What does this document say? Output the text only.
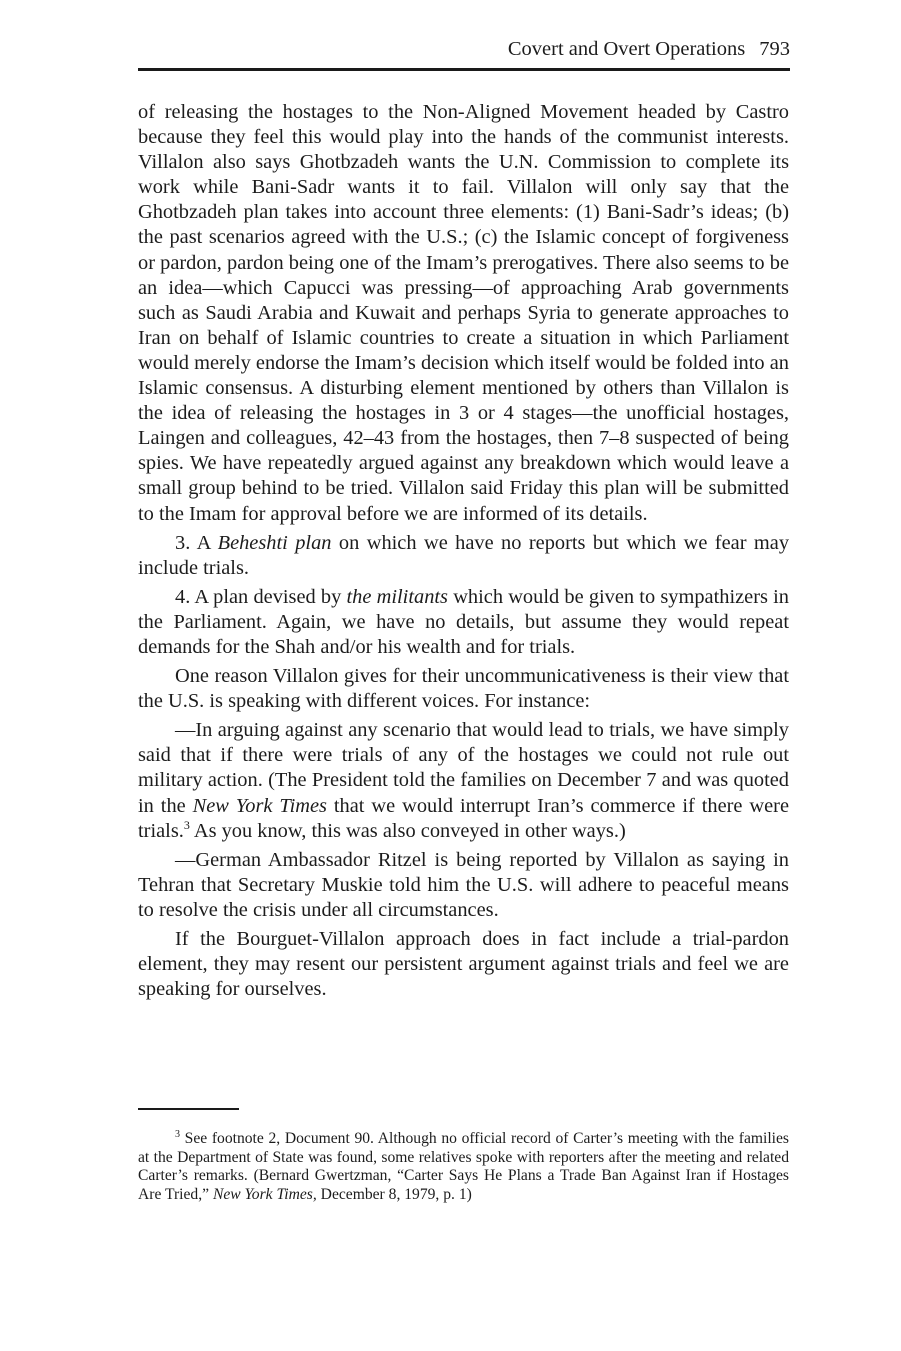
Covert and Overt Operations 793

of releasing the hostages to the Non-Aligned Movement headed by Castro because they feel this would play into the hands of the communist interests. Villalon also says Ghotbzadeh wants the U.N. Commission to complete its work while Bani-Sadr wants it to fail. Villalon will only say that the Ghotbzadeh plan takes into account three elements: (1) Bani-Sadr’s ideas; (b) the past scenarios agreed with the U.S.; (c) the Islamic concept of forgiveness or pardon, pardon being one of the Imam’s prerogatives. There also seems to be an idea—which Capucci was pressing—of approaching Arab governments such as Saudi Arabia and Kuwait and perhaps Syria to generate approaches to Iran on behalf of Islamic countries to create a situation in which Parliament would merely endorse the Imam’s decision which itself would be folded into an Islamic consensus. A disturbing element mentioned by others than Villalon is the idea of releasing the hostages in 3 or 4 stages—the unofficial hostages, Laingen and colleagues, 42–43 from the hostages, then 7–8 suspected of being spies. We have repeatedly argued against any breakdown which would leave a small group behind to be tried. Villalon said Friday this plan will be submitted to the Imam for approval before we are informed of its details.

3. A Beheshti plan on which we have no reports but which we fear may include trials.

4. A plan devised by the militants which would be given to sympathizers in the Parliament. Again, we have no details, but assume they would repeat demands for the Shah and/or his wealth and for trials.

One reason Villalon gives for their uncommunicativeness is their view that the U.S. is speaking with different voices. For instance:

—In arguing against any scenario that would lead to trials, we have simply said that if there were trials of any of the hostages we could not rule out military action. (The President told the families on December 7 and was quoted in the New York Times that we would interrupt Iran’s commerce if there were trials.$^3$ As you know, this was also conveyed in other ways.)

—German Ambassador Ritzel is being reported by Villalon as saying in Tehran that Secretary Muskie told him the U.S. will adhere to peaceful means to resolve the crisis under all circumstances.

If the Bourguet-Villalon approach does in fact include a trial-pardon element, they may resent our persistent argument against trials and feel we are speaking for ourselves.

$^3$ See footnote 2, Document 90. Although no official record of Carter’s meeting with the families at the Department of State was found, some relatives spoke with reporters after the meeting and related Carter’s remarks. (Bernard Gwertzman, “Carter Says He Plans a Trade Ban Against Iran if Hostages Are Tried,” New York Times, December 8, 1979, p. 1)
